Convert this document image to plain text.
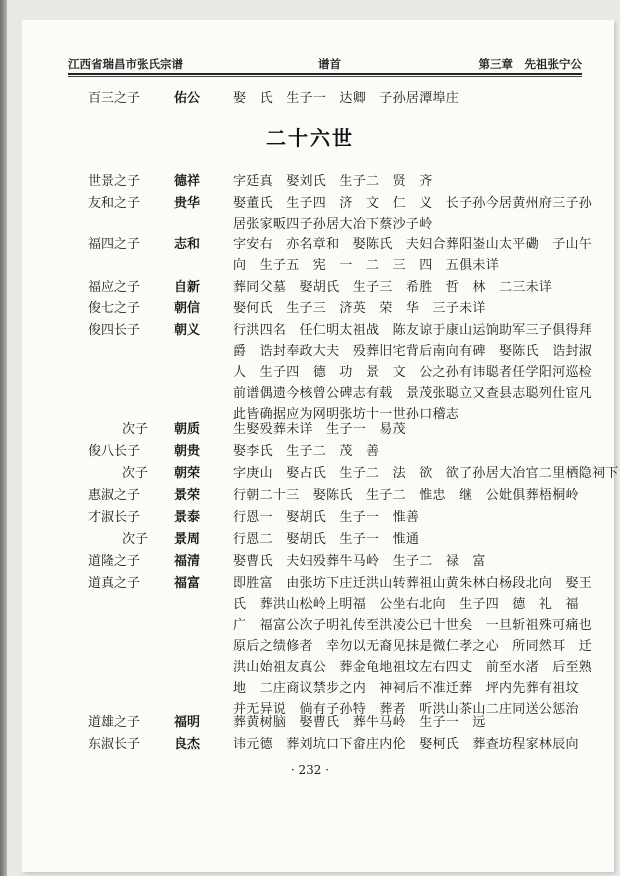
江西省瑞昌市张氏宗谱	谱首	第三章　先祖张宁公
二十六世
百三之子	佑公	娶　氏　生子一　达卿　子孙居潭埠庄
世景之子	德祥	字廷真　娶刘氏　生子二　贤　齐
友和之子	贵华	娶董氏　生子四　济　文　仁　义　长子孙今居黄州府三子孙
居张家畈四子孙居大冶下蔡沙子岭
福四之子	志和	字安右　亦名章和　娶陈氏　夫妇合葬阳崟山太平磡　子山午
向　生子五　宪　一　二　三　四　五俱未详
福应之子	自新	葬同父墓　娶胡氏　生子三　希胜　哲　林　二三未详
俊七之子	朝信	娶何氏　生子三　济英　荣　华　三子未详
俊四长子	朝义	行洪四名　任仁明太祖战　陈友谅于康山运饷助军三子俱得拜
爵　诰封奉政大夫　殁葬旧宅背后南向有碑　娶陈氏　诰封淑
人　生子四　德　功　景　文　公之孙有讳聪者任学阳河巡检
前谱偶遗今核曾公碑志有载　景茂张聪立又查县志聪列仕宦凡
此皆确据应为网明张坊十一世孙口稽志
次子 朝质	生娶殁葬未详　生子一　易茂
俊八长子	朝贵	娶李氏　生子二　茂　善
次子 朝荣	字庚山　娶占氏　生子二　法　欲　欲了孙居大冶官二里栖隐祠下
惠淑之子	景荣	行朝二十三　娶陈氏　生子二　惟忠　继　公妣俱葬梧桐岭
才淑长子	景泰	行恩一　娶胡氏　生子一　惟善
次子 景周	行恩二　娶胡氏　生子一　惟通
道隆之子	福清	娶曹氏　夫妇殁葬牛马岭　生子二　禄　富
道真之子	福富	即胜富　由张坊下庄迁洪山转葬祖山黄朱林白杨段北向　娶王
氏　葬洪山松岭上明福　公坐右北向　生子四　德　礼　福
广　福富公次子明礼传至洪凌公已十世矣　一旦斩祖殊可痛也
原后之绩修者　幸勿以无裔见抹是微仁孝之心　所同然耳　迁
洪山始祖友真公　葬金龟地祖坟左右四丈　前至水渚　后至熟
地　二庄商议禁步之内　神祠后不准迁葬　坪内先葬有祖坟
并无异说　倘有子孙特　葬者　听洪山茶山二庄同送公惩治
道雄之子	福明	葬黄树脑　娶曹氏　葬牛马岭　生子一　远
东淑长子	良杰	讳元德　葬刘坑口下畲庄内伦　娶柯氏　葬查坊程家林辰向
· 232 ·
